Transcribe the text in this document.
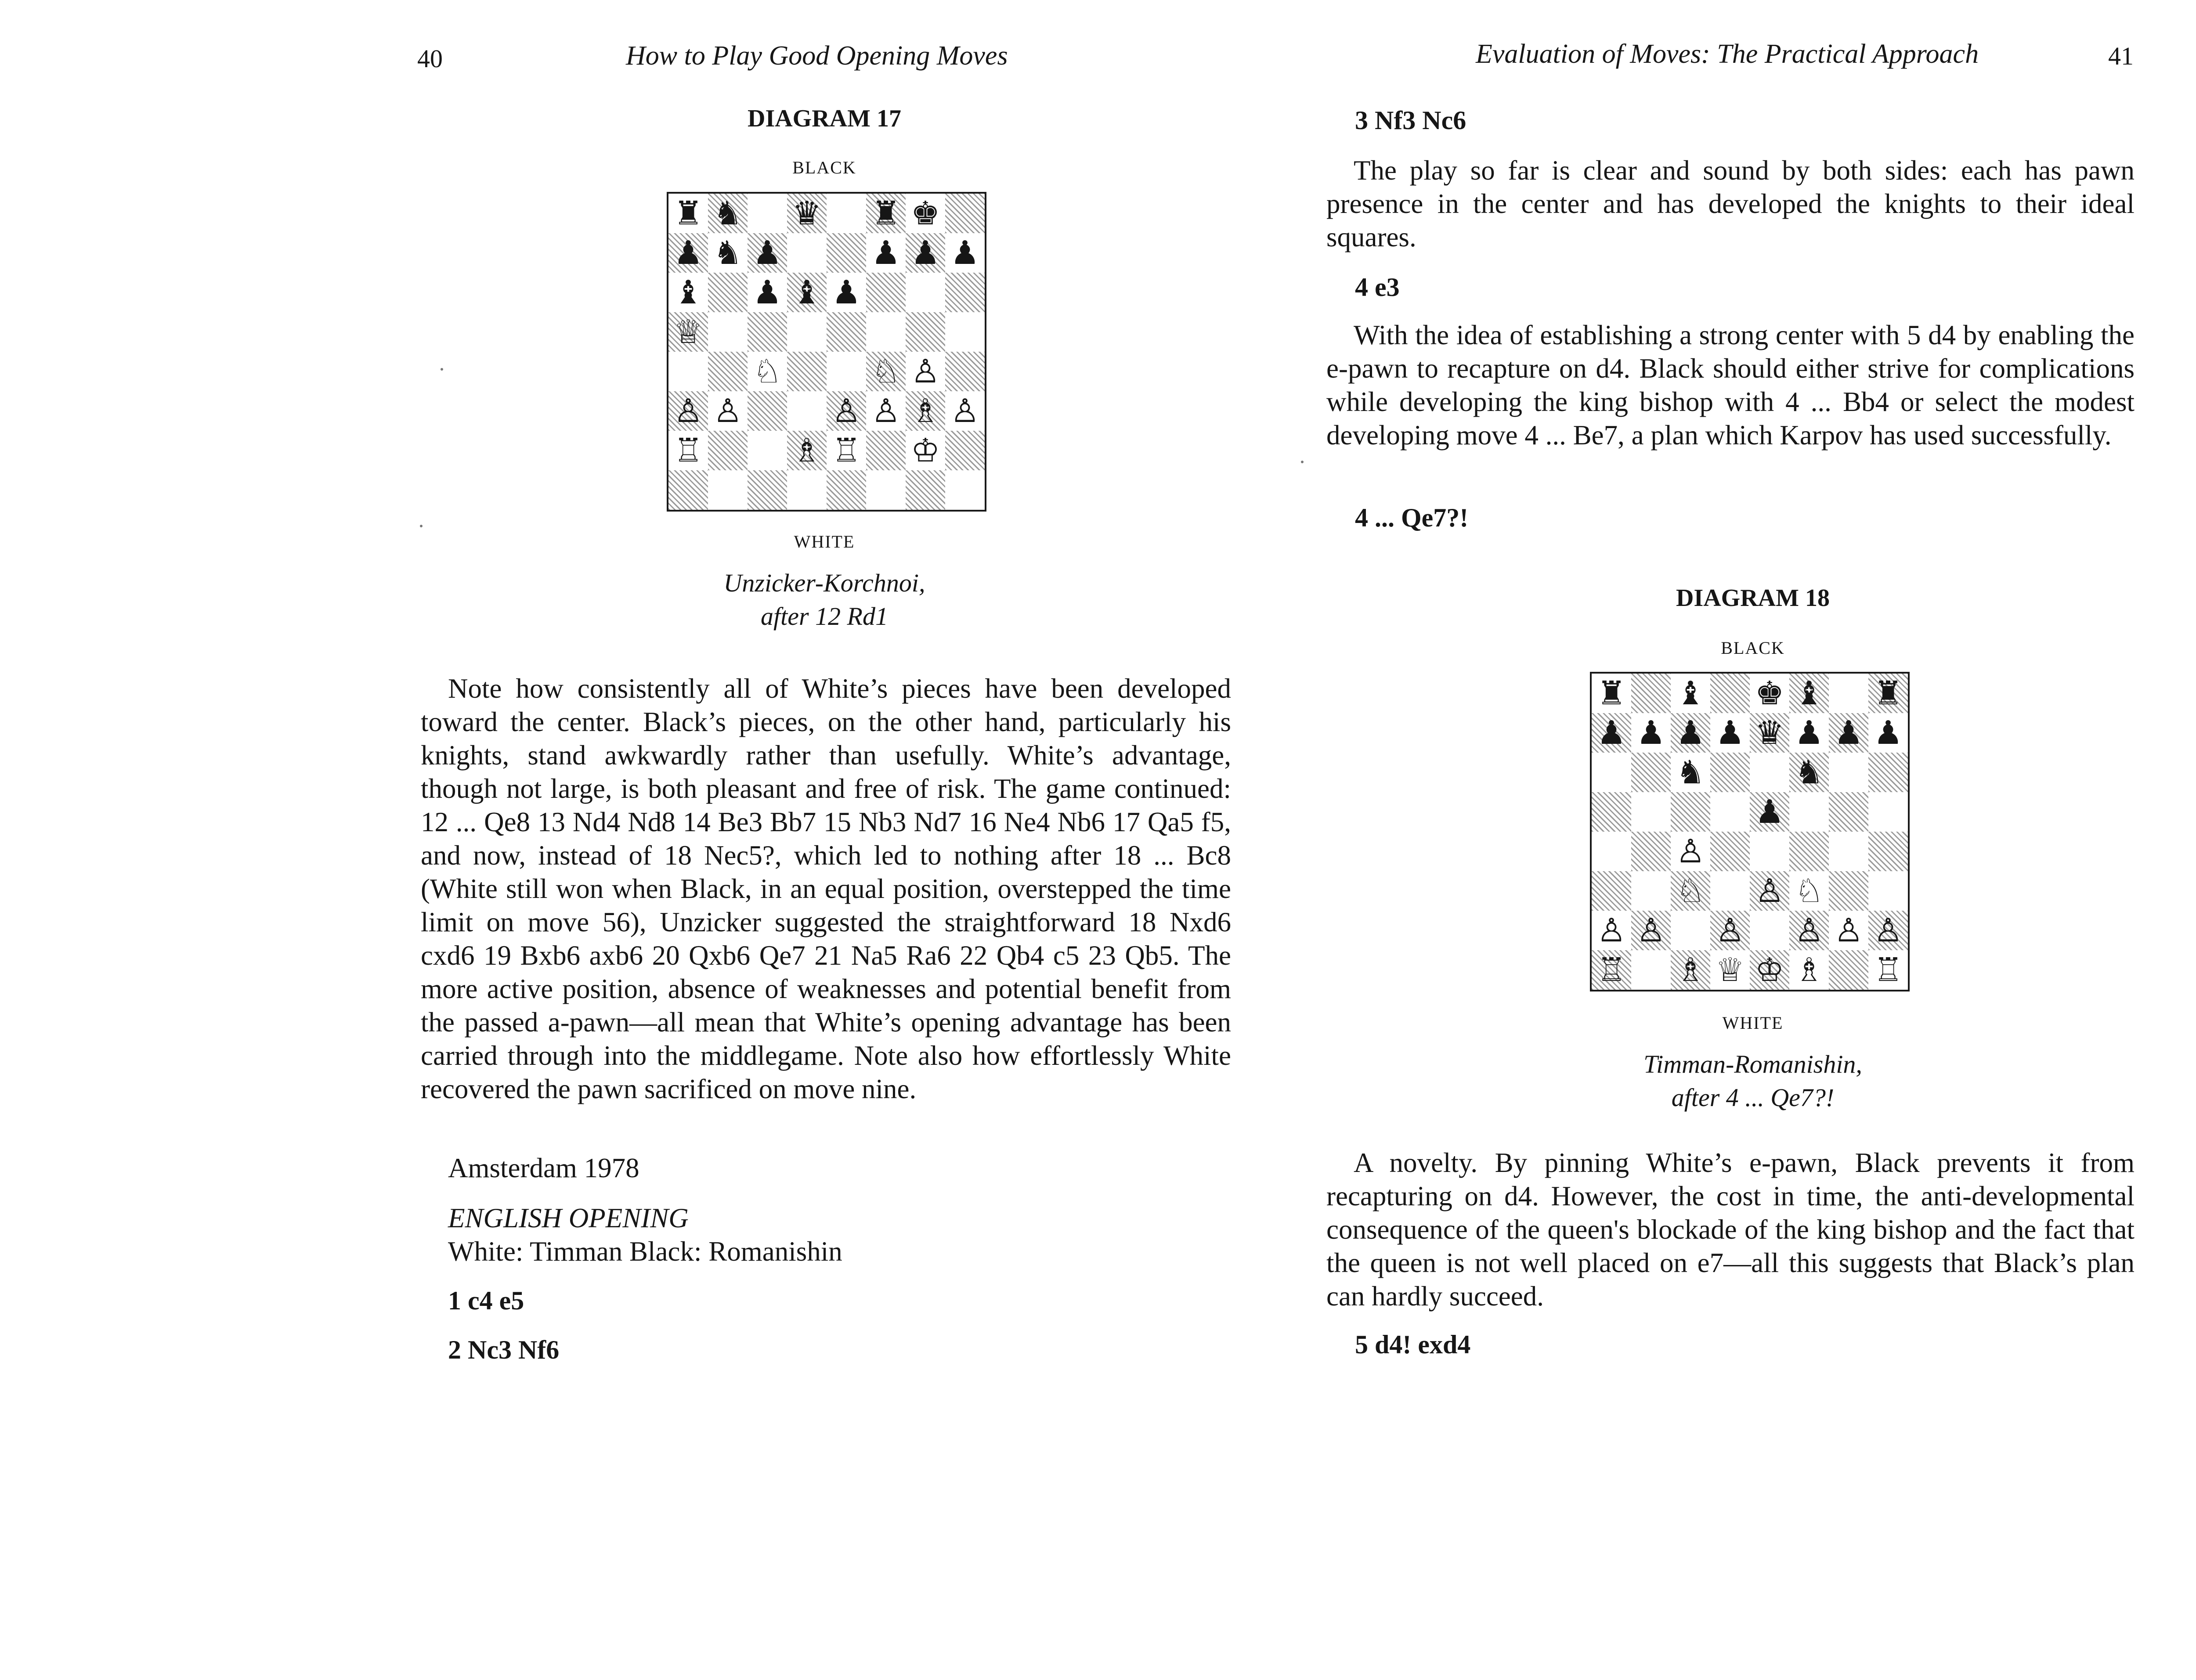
40	How to Play Good Opening Moves
DIAGRAM 17
BLACK
♜ ♞ ♛ ♜ ♚
♟ ♞ ♟	♟ ♟ ♟
♝ ♟ ♝ ♟
♕
♘	♘ ♙
♙ ♙	♙ ♙ ♗ ♙
♖	♗ ♖ ♔
WHITE
Unzicker-Korchnoi,
after 12 Rd1

Note how consistently all of White’s pieces have been developed toward the center. Black’s pieces, on the other hand, particularly his knights, stand awkwardly rather than usefully. White’s advantage, though not large, is both pleasant and free of risk. The game continued: 12 ... Qe8 13 Nd4 Nd8 14 Be3 Bb7 15 Nb3 Nd7 16 Ne4 Nb6 17 Qa5 f5, and now, instead of 18 Nec5?, which led to nothing after 18 ... Bc8 (White still won when Black, in an equal position, overstepped the time limit on move 56), Unzicker suggested the straightforward 18 Nxd6 cxd6 19 Bxb6 axb6 20 Qxb6 Qe7 21 Na5 Ra6 22 Qb4 c5 23 Qb5. The more active position, absence of weaknesses and potential benefit from the passed a-pawn—all mean that White’s opening advantage has been carried through into the middlegame. Note also how effortlessly White recovered the pawn sacrificed on move nine.

Amsterdam 1978
ENGLISH OPENING
White: Timman Black: Romanishin
1 c4 e5
2 Nc3 Nf6
Evaluation of Moves: The Practical Approach	41
3 Nf3 Nc6

The play so far is clear and sound by both sides: each has pawn presence in the center and has developed the knights to their ideal squares.

4 e3

With the idea of establishing a strong center with 5 d4 by enabling the e-pawn to recapture on d4. Black should either strive for complications while developing the king bishop with 4 ... Bb4 or select the modest developing move 4 ... Be7, a plan which Karpov has used successfully.

4 ... Qe7?!
DIAGRAM 18
BLACK
♜ ♝ ♚ ♝ ♜
♟ ♟ ♟ ♟ ♛ ♟ ♟ ♟
♞	♞
♟
♙
♘ ♙ ♘
♙ ♙ ♙ ♙ ♙ ♙
♖ ♗ ♕ ♔ ♗ ♖
WHITE
Timman-Romanishin,
after 4 ... Qe7?!

A novelty. By pinning White’s e-pawn, Black prevents it from recapturing on d4. However, the cost in time, the anti-developmental consequence of the queen's blockade of the king bishop and the fact that the queen is not well placed on e7—all this suggests that Black’s plan can hardly succeed.

5 d4! exd4
